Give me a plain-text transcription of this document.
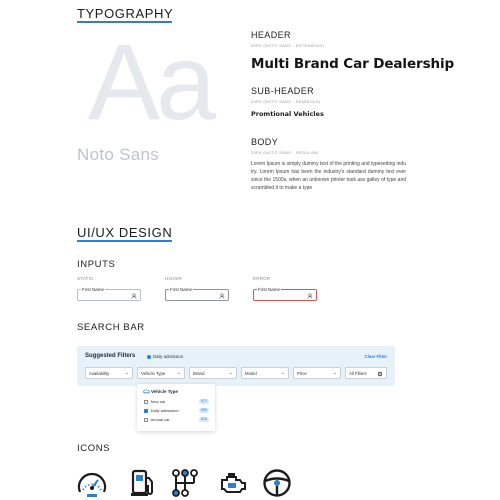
TYPOGRAPHY
Aa
Noto Sans
HEADER
30PX (NOTO SANS - EXTRABOLD)
Multi Brand Car Dealership
SUB-HEADER
24PX (NOTO SANS - SEMIBOLD)
Promtional Vehicles
BODY
20PX (NOTO SANS - REGULAR)
Lorem Ipsum is simply dummy text of the printing and typesetting indu try. Lorem Ipsum has been the industry's standard dummy text ever since the 1500s, when an unknown printer took ass galley of type and scrambled it to make a type
UI/UX DESIGN
INPUTS
STATIC
First Name
HOVER
First Name
ERROR
First Name
SEARCH BAR
Suggested Filters	Daily admission	Clear Filter
Availability	⌄	Vehicle Type ⌄	Brand	⌄	Model	⌄	Price	⌄	All Filters
Vehicle Type
New car	977
Daily admission	895
Annual car	624
ICONS
